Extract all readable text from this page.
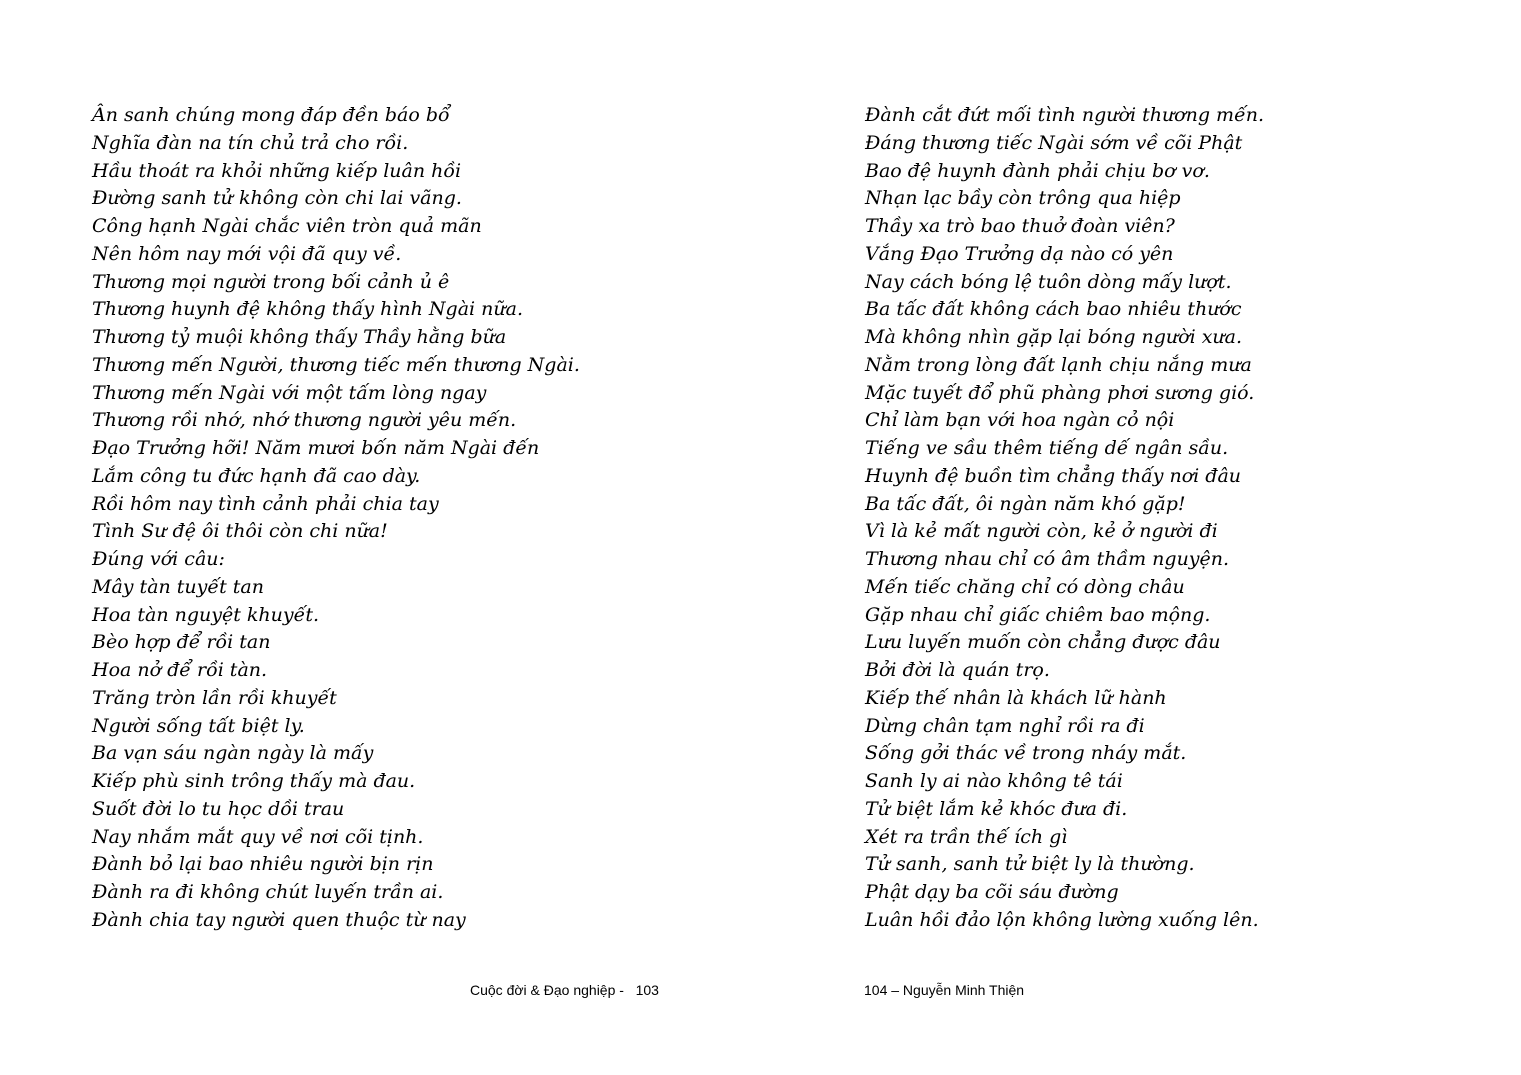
Ân sanh chúng mong đáp đền báo bổ
Nghĩa đàn na tín chủ trả cho rồi.
Hầu thoát ra khỏi những kiếp luân hồi
Đường sanh tử không còn chi lai vãng.
Công hạnh Ngài chắc viên tròn quả mãn
Nên hôm nay mới vội đã quy về.
Thương mọi người trong bối cảnh ủ ê
Thương huynh đệ không thấy hình Ngài nữa.
Thương tỷ muội không thấy Thầy hằng bữa
Thương mến Người, thương tiếc mến thương Ngài.
Thương mến Ngài với một tấm lòng ngay
Thương rồi nhớ, nhớ thương người yêu mến.
Đạo Trưởng hỡi! Năm mươi bốn năm Ngài đến
Lắm công tu đức hạnh đã cao dày.
Rồi hôm nay tình cảnh phải chia tay
Tình Sư đệ ôi thôi còn chi nữa!
Đúng với câu:
Mây tàn tuyết tan
Hoa tàn nguyệt khuyết.
Bèo hợp để rồi tan
Hoa nở để rồi tàn.
Trăng tròn lần rồi khuyết
Người sống tất biệt ly.
Ba vạn sáu ngàn ngày là mấy
Kiếp phù sinh trông thấy mà đau.
Suốt đời lo tu học dồi trau
Nay nhắm mắt quy về nơi cõi tịnh.
Đành bỏ lại bao nhiêu người bịn rịn
Đành ra đi không chút luyến trần ai.
Đành chia tay người quen thuộc từ nay
Cuộc đời & Đạo nghiệp -   103
Đành cắt đứt mối tình người thương mến.
Đáng thương tiếc Ngài sớm về cõi Phật
Bao đệ huynh đành phải chịu bơ vơ.
Nhạn lạc bầy còn trông qua hiệp
Thầy xa trò bao thuở đoàn viên?
Vắng Đạo Trưởng dạ nào có yên
Nay cách bóng lệ tuôn dòng mấy lượt.
Ba tấc đất không cách bao nhiêu thước
Mà không nhìn gặp lại bóng người xưa.
Nằm trong lòng đất lạnh chịu nắng mưa
Mặc tuyết đổ phũ phàng phơi sương gió.
Chỉ làm bạn với hoa ngàn cỏ nội
Tiếng ve sầu thêm tiếng dế ngân sầu.
Huynh đệ buồn tìm chẳng thấy nơi đâu
Ba tấc đất, ôi ngàn năm khó gặp!
Vì là kẻ mất người còn, kẻ ở người đi
Thương nhau chỉ có âm thầm nguyện.
Mến tiếc chăng chỉ có dòng châu
Gặp nhau chỉ giấc chiêm bao mộng.
Lưu luyến muốn còn chẳng được đâu
Bởi đời là quán trọ.
Kiếp thế nhân là khách lữ hành
Dừng chân tạm nghỉ rồi ra đi
Sống gởi thác về trong nháy mắt.
Sanh ly ai nào không tê tái
Tử biệt lắm kẻ khóc đưa đi.
Xét ra trần thế ích gì
Tử sanh, sanh tử biệt ly là thường.
Phật dạy ba cõi sáu đường
Luân hồi đảo lộn không lường xuống lên.
104 – Nguyễn Minh Thiện
